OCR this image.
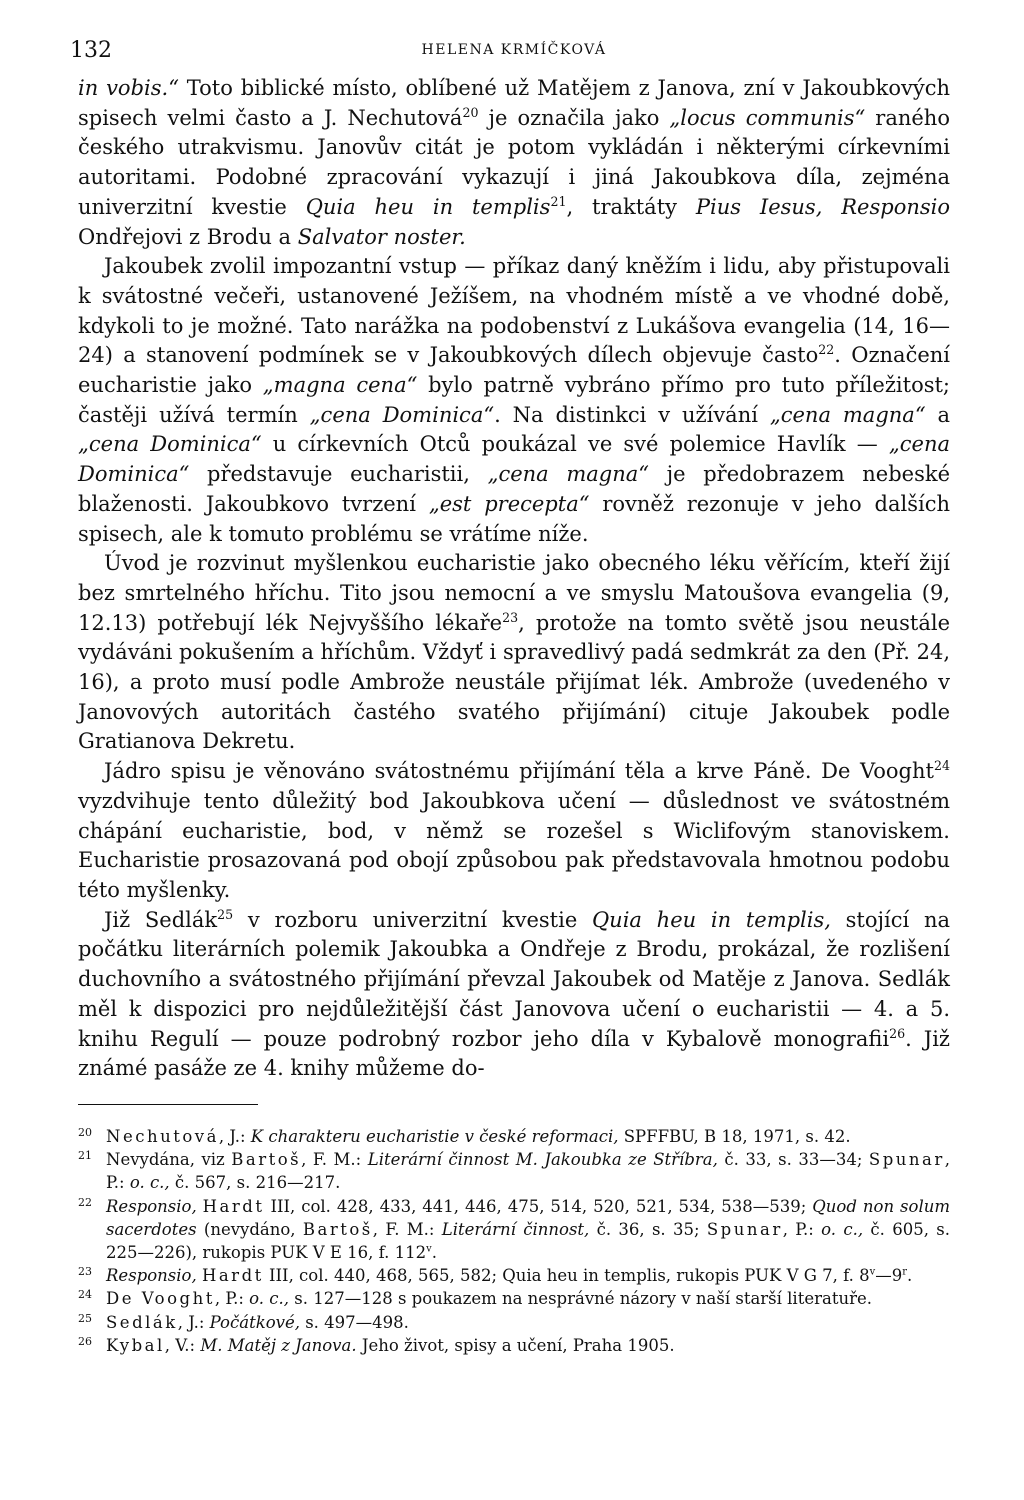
132	HELENA KRMÍČKOVÁ

in vobis.“ Toto biblické místo, oblíbené už Matějem z Janova, zní v Jakoubkových spisech velmi často a J. Nechutová$^{20}$ je označila jako „locus communis“ raného českého utrakvismu. Janovův citát je potom vykládán i některými církevními autoritami. Podobné zpracování vykazují i jiná Jakoubkova díla, zejména univerzitní kvestie Quia heu in templis$^{21}$, traktáty Pius Iesus, Responsio Ondřejovi z Brodu a Salvator noster.

Jakoubek zvolil impozantní vstup — příkaz daný kněžím i lidu, aby přistupovali k svátostné večeři, ustanovené Ježíšem, na vhodném místě a ve vhodné době, kdykoli to je možné. Tato narážka na podobenství z Lukášova evangelia (14, 16—24) a stanovení podmínek se v Jakoubkových dílech objevuje často$^{22}$. Označení eucharistie jako „magna cena“ bylo patrně vybráno přímo pro tuto příležitost; častěji užívá termín „cena Dominica“. Na distinkci v užívání „cena magna“ a „cena Dominica“ u církevních Otců poukázal ve své polemice Havlík — „cena Dominica“ představuje eucharistii, „cena magna“ je předobrazem nebeské blaženosti. Jakoubkovo tvrzení „est precepta“ rovněž rezonuje v jeho dalších spisech, ale k tomuto problému se vrátíme níže.

Úvod je rozvinut myšlenkou eucharistie jako obecného léku věřícím, kteří žijí bez smrtelného hříchu. Tito jsou nemocní a ve smyslu Matoušova evangelia (9, 12.13) potřebují lék Nejvyššího lékaře$^{23}$, protože na tomto světě jsou neustále vydáváni pokušením a hříchům. Vždyť i spravedlivý padá sedmkrát za den (Př. 24, 16), a proto musí podle Ambrože neustále přijímat lék. Ambrože (uvedeného v Janovových autoritách častého svatého přijímání) cituje Jakoubek podle Gratianova Dekretu.

Jádro spisu je věnováno svátostnému přijímání těla a krve Páně. De Vooght$^{24}$ vyzdvihuje tento důležitý bod Jakoubkova učení — důslednost ve svátostném chápání eucharistie, bod, v němž se rozešel s Wiclifovým stanoviskem. Eucharistie prosazovaná pod obojí způsobou pak představovala hmotnou podobu této myšlenky.

Již Sedlák$^{25}$ v rozboru univerzitní kvestie Quia heu in templis, stojící na počátku literárních polemik Jakoubka a Ondřeje z Brodu, prokázal, že rozlišení duchovního a svátostného přijímání převzal Jakoubek od Matěje z Janova. Sedlák měl k dispozici pro nejdůležitější část Janovova učení o eucharistii — 4. a 5. knihu Regulí — pouze podrobný rozbor jeho díla v Kybalově monografii$^{26}$. Již známé pasáže ze 4. knihy můžeme do-

20 Nechutová, J.: K charakteru eucharistie v české reformaci, SPFFBU, B 18, 1971, s. 42.
21 Nevydána, viz Bartoš, F. M.: Literární činnost M. Jakoubka ze Stříbra, č. 33, s. 33—34; Spunar, P.: o. c., č. 567, s. 216—217.
22 Responsio, Hardt III, col. 428, 433, 441, 446, 475, 514, 520, 521, 534, 538—539; Quod non solum sacerdotes (nevydáno, Bartoš, F. M.: Literární činnost, č. 36, s. 35; Spunar, P.: o. c., č. 605, s. 225—226), rukopis PUK V E 16, f. 112$^v$.
23 Responsio, Hardt III, col. 440, 468, 565, 582; Quia heu in templis, rukopis PUK V G 7, f. 8$^v$—9$^r$.
24 De Vooght, P.: o. c., s. 127—128 s poukazem na nesprávné názory v naší starší literatuře.
25 Sedlák, J.: Počátkové, s. 497—498.
26 Kybal, V.: M. Matěj z Janova. Jeho život, spisy a učení, Praha 1905.
